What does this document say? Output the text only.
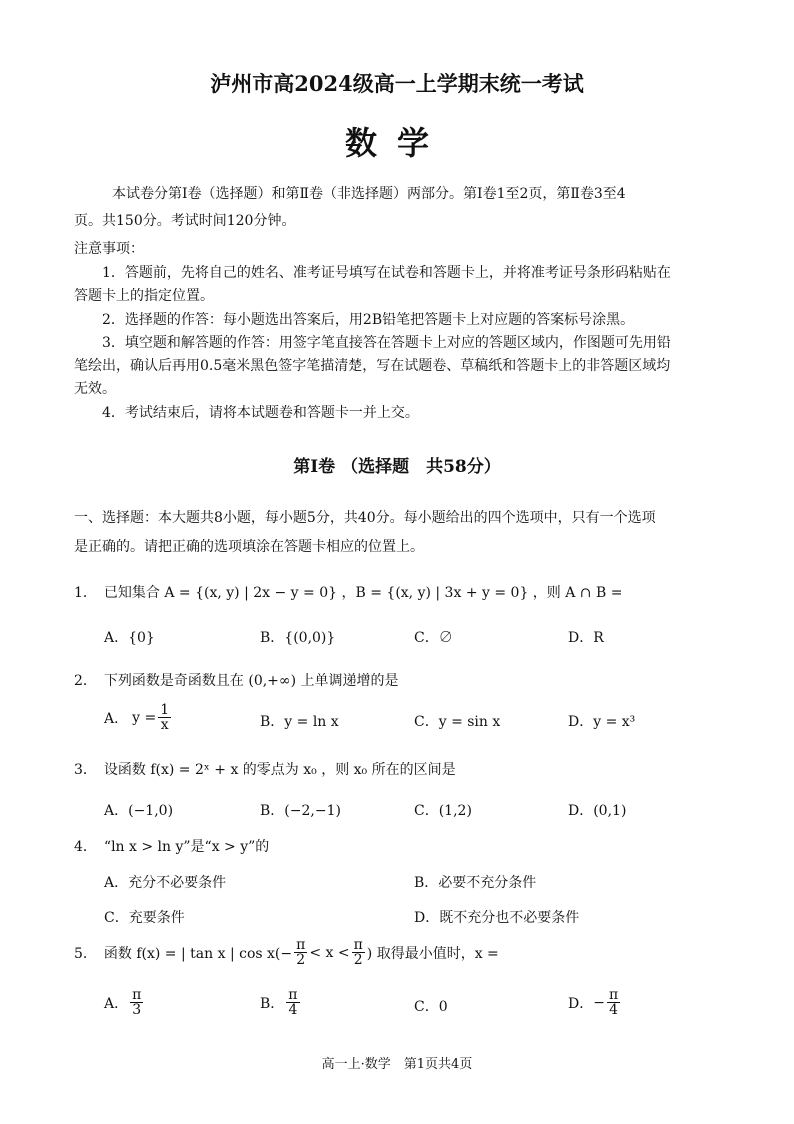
泸州市高2024级高一上学期末统一考试
数学
本试卷分第Ⅰ卷（选择题）和第Ⅱ卷（非选择题）两部分。第Ⅰ卷1至2页，第Ⅱ卷3至4
页。共150分。考试时间120分钟。
注意事项：
1．答题前，先将自己的姓名、准考证号填写在试卷和答题卡上，并将准考证号条形码粘贴在
答题卡上的指定位置。
2．选择题的作答：每小题选出答案后，用2B铅笔把答题卡上对应题的答案标号涂黑。
3．填空题和解答题的作答：用签字笔直接答在答题卡上对应的答题区域内，作图题可先用铅
笔绘出，确认后再用0.5毫米黑色签字笔描清楚，写在试题卷、草稿纸和答题卡上的非答题区域均
无效。
4．考试结束后，请将本试题卷和答题卡一并上交。
第Ⅰ卷 （选择题　共58分）
一、选择题：本大题共8小题，每小题5分，共40分。每小题给出的四个选项中，只有一个选项
是正确的。请把正确的选项填涂在答题卡相应的位置上。
1．　已知集合 A = {(x, y) | 2x − y = 0} ，B = {(x, y) | 3x + y = 0} ，则 A ∩ B =
A．{0}	B．{(0,0)}	C．∅	D．R
2．　下列函数是奇函数且在 (0,+∞) 上单调递增的是
A． $y = \frac{1}{x}$	B．y = ln x	C．y = sin x	D．y = x³
3．　设函数 f(x) = 2ˣ + x 的零点为 x₀ ，则 x₀ 所在的区间是
A．(−1,0)	B．(−2,−1)	C．(1,2)	D．(0,1)
4．　“ln x > ln y”是“x > y”的
A．充分不必要条件	B．必要不充分条件
C．充要条件	D．既不充分也不必要条件
5．　函数 f(x) = | tan x | $\cos x(- \frac{\pi}{2} < x < \frac{\pi}{2}$ ) 取得最小值时，x =
A． $\frac{\pi}{3}$	B． $\frac{\pi}{4}$	C．0	D． − $\frac{\pi}{4}$
高一上·数学　第1页共4页
